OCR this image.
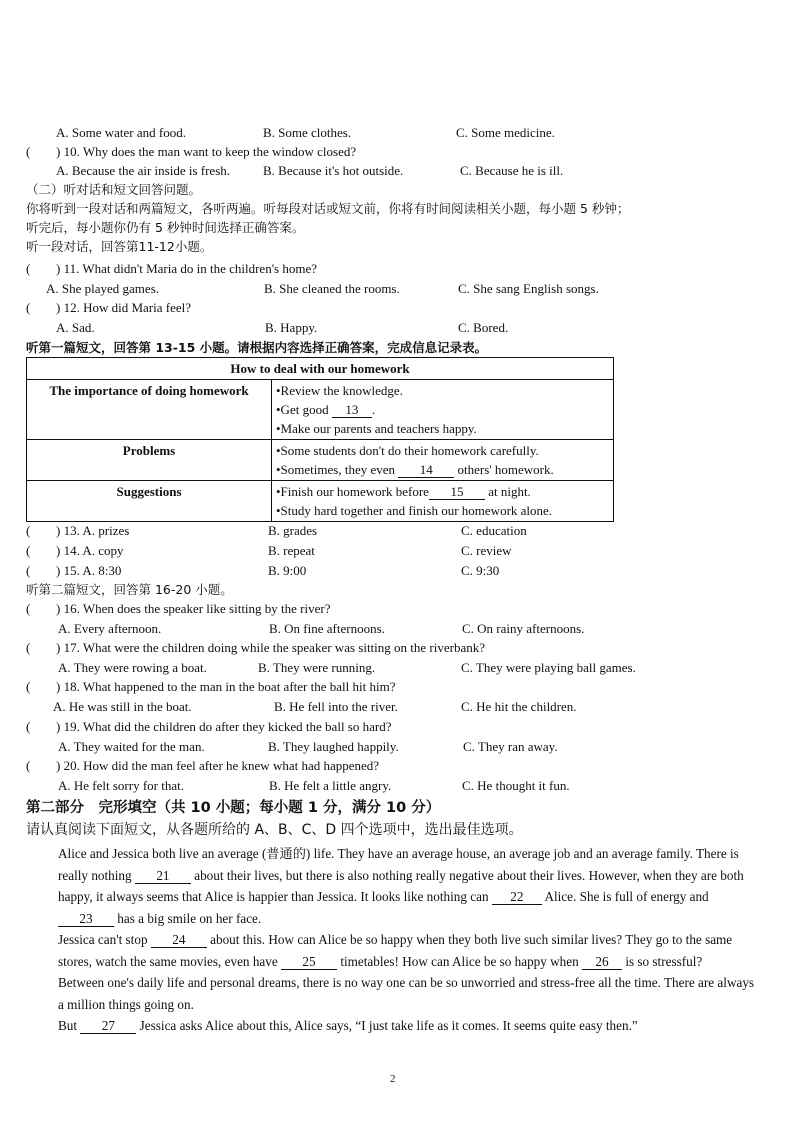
A. Some water and food.	B. Some clothes.	C. Some medicine.
( ) 10. Why does the man want to keep the window closed?
A. Because the air inside is fresh.	B. Because it's hot outside.	C. Because he is ill.
（二）听对话和短文回答问题。
你将听到一段对话和两篇短文，各听两遍。听每段对话或短文前，你将有时间阅读相关小题，每小题 5 秒钟；
听完后，每小题你仍有 5 秒钟时间选择正确答案。
听一段对话，回答第11-12小题。
( ) 11. What didn't Maria do in the children's home?
A. She played games.	B. She cleaned the rooms.	C. She sang English songs.
( ) 12. How did Maria feel?
A. Sad.	B. Happy.	C. Bored.
听第一篇短文，回答第 13-15 小题。请根据内容选择正确答案，完成信息记录表。
How to deal with our homework	
The importance of doing homework	•Review the knowledge.
•Get good 13 .
•Make our parents and teachers happy.

Problems	•Some students don't do their homework carefully.
•Sometimes, they even 14 others' homework.

Suggestions	•Finish our homework before 15 at night.
•Study hard together and finish our homework alone.
( ) 13. A. prizes	B. grades	C. education
( ) 14. A. copy	B. repeat	C. review
( ) 15. A. 8:30	B. 9:00	C. 9:30
听第二篇短文，回答第 16-20 小题。
( ) 16. When does the speaker like sitting by the river?
A. Every afternoon.	B. On fine afternoons.	C. On rainy afternoons.
( ) 17. What were the children doing while the speaker was sitting on the riverbank?
A. They were rowing a boat.	B. They were running.	C. They were playing ball games.
( ) 18. What happened to the man in the boat after the ball hit him?
A. He was still in the boat.	B. He fell into the river.	C. He hit the children.
( ) 19. What did the children do after they kicked the ball so hard?
A. They waited for the man.	B. They laughed happily.	C. They ran away.
( ) 20. How did the man feel after he knew what had happened?
A. He felt sorry for that.	B. He felt a little angry.	C. He thought it fun.
第二部分　完形填空（共 10 小题；每小题 1 分，满分 10 分）
请认真阅读下面短文，从各题所给的 A、B、C、D 四个选项中，选出最佳选项。
Alice and Jessica both live an average (普通的) life. They have an average house, an average job and an average family. There is really nothing 21 about their lives, but there is also nothing really negative about their lives. However, when they are both happy, it always seems that Alice is happier than Jessica. It looks like nothing can 22 Alice. She is full of energy and 23 has a big smile on her face.
Jessica can't stop 24 about this. How can Alice be so happy when they both live such similar lives? They go to the same stores, watch the same movies, even have 25 timetables! How can Alice be so happy when 26 is so stressful?
Between one's daily life and personal dreams, there is no way one can be so unworried and stress-free all the time. There are always a million things going on.
But 27 Jessica asks Alice about this, Alice says, “I just take life as it comes. It seems quite easy then.”
2
